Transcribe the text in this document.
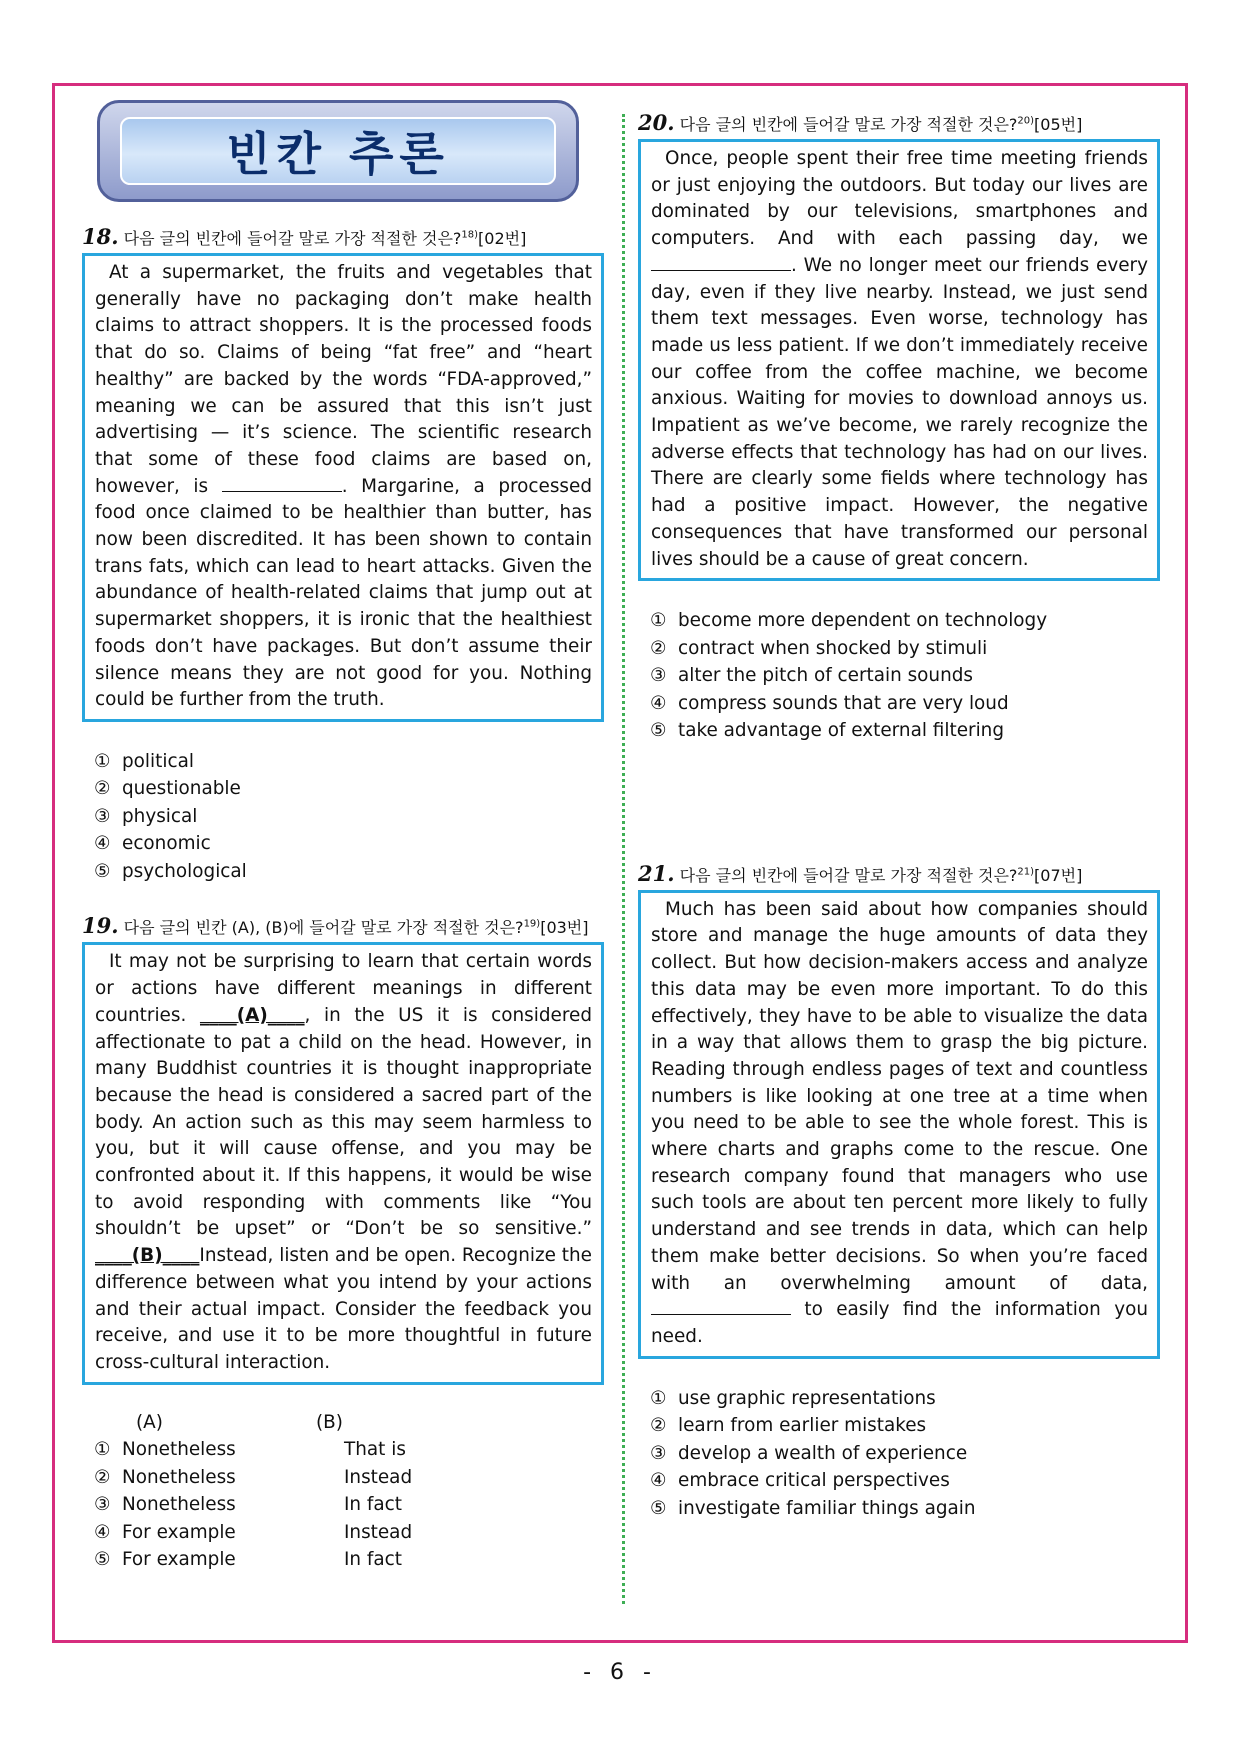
빈칸 추론

18. 다음 글의 빈칸에 들어갈 말로 가장 적절한 것은?$^{18)}$[02번]

At a supermarket, the fruits and vegetables that generally have no packaging don’t make health claims to attract shoppers. It is the processed foods that do so. Claims of being “fat free” and “heart healthy” are backed by the words “FDA-approved,” meaning we can be assured that this isn’t just advertising — it’s science. The scientific research that some of these food claims are based on, however, is	. Margarine, a processed food once claimed to be healthier than butter, has now been discredited. It has been shown to contain trans fats, which can lead to heart attacks. Given the abundance of health-related claims that jump out at supermarket shoppers, it is ironic that the healthiest foods don’t have packages. But don’t assume their silence means they are not good for you. Nothing could be further from the truth.
① political
② questionable
③ physical
④ economic
⑤ psychological

19. 다음 글의 빈칸 (A), (B)에 들어갈 말로 가장 적절한 것은?$^{19)}$[03번]

It may not be surprising to learn that certain words or actions have different meanings in different countries. ____(A)____, in the US it is considered affectionate to pat a child on the head. However, in many Buddhist countries it is thought inappropriate because the head is considered a sacred part of the body. An action such as this may seem harmless to you, but it will cause offense, and you may be confronted about it. If this happens, it would be wise to avoid responding with comments like “You shouldn’t be upset” or “Don’t be so sensitive.” ____(B)____Instead, listen and be open. Recognize the difference between what you intend by your actions and their actual impact. Consider the feedback you receive, and use it to be more thoughtful in future cross-cultural interaction.
(A)	(B)
① Nonetheless	That is
② Nonetheless	Instead
③ Nonetheless	In fact
④ For example	Instead
⑤ For example	In fact

20. 다음 글의 빈칸에 들어갈 말로 가장 적절한 것은?$^{20)}$[05번]

Once, people spent their free time meeting friends or just enjoying the outdoors. But today our lives are dominated by our televisions, smartphones and computers. And with each passing day, we . We no longer meet our friends every day, even if they live nearby. Instead, we just send them text messages. Even worse, technology has made us less patient. If we don’t immediately receive our coffee from the coffee machine, we become anxious. Waiting for movies to download annoys us. Impatient as we’ve become, we rarely recognize the adverse effects that technology has had on our lives. There are clearly some fields where technology has had a positive impact. However, the negative consequences that have transformed our personal lives should be a cause of great concern.
① become more dependent on technology
② contract when shocked by stimuli
③ alter the pitch of certain sounds
④ compress sounds that are very loud
⑤ take advantage of external filtering

21. 다음 글의 빈칸에 들어갈 말로 가장 적절한 것은?$^{21)}$[07번]

Much has been said about how companies should store and manage the huge amounts of data they collect. But how decision-makers access and analyze this data may be even more important. To do this effectively, they have to be able to visualize the data in a way that allows them to grasp the big picture. Reading through endless pages of text and countless numbers is like looking at one tree at a time when you need to be able to see the whole forest. This is where charts and graphs come to the rescue. One research company found that managers who use such tools are about ten percent more likely to fully understand and see trends in data, which can help them make better decisions. So when you’re faced with an overwhelming amount of data,  to easily find the information you need.
① use graphic representations
② learn from earlier mistakes
③ develop a wealth of experience
④ embrace critical perspectives
⑤ investigate familiar things again
- 6 -
